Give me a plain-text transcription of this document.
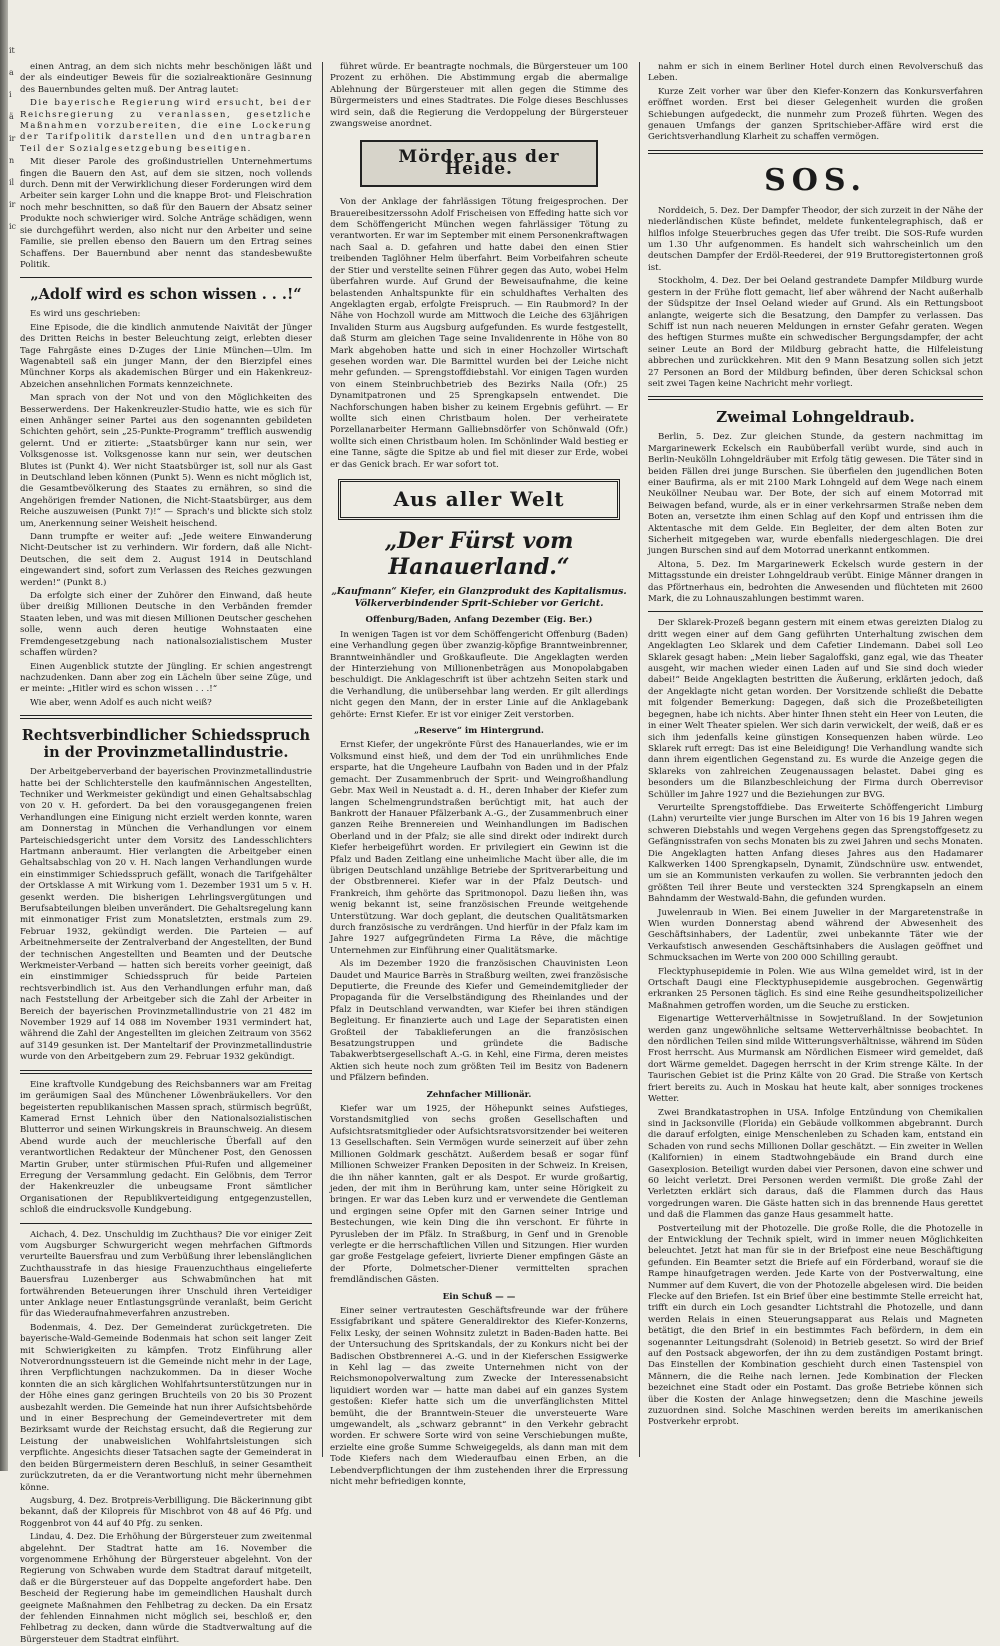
it a i ä ir n il ir ic

einen Antrag, an dem sich nichts mehr beschönigen läßt und der als eindeutiger Beweis für die sozialreaktionäre Gesinnung des Bauernbundes gelten muß. Der Antrag lautet:

Die bayerische Regierung wird ersucht, bei der Reichsregierung zu veranlassen, gesetzliche Maßnahmen vorzubereiten, die eine Lockerung der Tarifpolitik darstellen und den untragbaren Teil der Sozialgesetzgebung beseitigen.

Mit dieser Parole des großindustriellen Unternehmertums fingen die Bauern den Ast, auf dem sie sitzen, noch vollends durch. Denn mit der Verwirklichung dieser Forderungen wird dem Arbeiter sein karger Lohn und die knappe Brot- und Fleischration noch mehr beschnitten, so daß für den Bauern der Absatz seiner Produkte noch schwieriger wird. Solche Anträge schädigen, wenn sie durchgeführt werden, also nicht nur den Arbeiter und seine Familie, sie prellen ebenso den Bauern um den Ertrag seines Schaffens. Der Bauernbund aber nennt das standesbewußte Politik.

„Adolf wird es schon wissen . . .!“

Es wird uns geschrieben:

Eine Episode, die die kindlich anmutende Naivität der Jünger des Dritten Reichs in bester Beleuchtung zeigt, erlebten dieser Tage Fahrgäste eines D-Zuges der Linie München—Ulm. Im Wagenabteil saß ein junger Mann, der den Bierzipfel eines Münchner Korps als akademischen Bürger und ein Hakenkreuz-Abzeichen ansehnlichen Formats kennzeichnete.

Man sprach von der Not und von den Möglichkeiten des Besserwerdens. Der Hakenkreuzler-Studio hatte, wie es sich für einen Anhänger seiner Partei aus den sogenannten gebildeten Schichten gehört, sein „25-Punkte-Programm“ trefflich auswendig gelernt. Und er zitierte: „Staatsbürger kann nur sein, wer Volksgenosse ist. Volksgenosse kann nur sein, wer deutschen Blutes ist (Punkt 4). Wer nicht Staatsbürger ist, soll nur als Gast in Deutschland leben können (Punkt 5). Wenn es nicht möglich ist, die Gesamtbevölkerung des Staates zu ernähren, so sind die Angehörigen fremder Nationen, die Nicht-Staatsbürger, aus dem Reiche auszuweisen (Punkt 7)!“ — Sprach's und blickte sich stolz um, Anerkennung seiner Weisheit heischend.

Dann trumpfte er weiter auf: „Jede weitere Einwanderung Nicht-Deutscher ist zu verhindern. Wir fordern, daß alle Nicht-Deutschen, die seit dem 2. August 1914 in Deutschland eingewandert sind, sofort zum Verlassen des Reiches gezwungen werden!“ (Punkt 8.)

Da erfolgte sich einer der Zuhörer den Einwand, daß heute über dreißig Millionen Deutsche in den Verbänden fremder Staaten leben, und was mit diesen Millionen Deutscher geschehen solle, wenn auch deren heutige Wohnstaaten eine Fremdengesetzgebung nach nationalsozialistischem Muster schaffen würden?

Einen Augenblick stutzte der Jüngling. Er schien angestrengt nachzudenken. Dann aber zog ein Lächeln über seine Züge, und er meinte: „Hitler wird es schon wissen . . .!“

Wie aber, wenn Adolf es auch nicht weiß?

Rechtsverbindlicher Schiedsspruch in der Provinzmetallindustrie.

Der Arbeitgeberverband der bayerischen Provinzmetallindustrie hatte bei der Schlichterstelle den kaufmännischen Angestellten, Techniker und Werkmeister gekündigt und einen Gehaltsabschlag von 20 v. H. gefordert. Da bei den vorausgegangenen freien Verhandlungen eine Einigung nicht erzielt werden konnte, waren am Donnerstag in München die Verhandlungen vor einem Parteischiedsgericht unter dem Vorsitz des Landesschlichters Hartmann anberaumt. Hier verlangten die Arbeitgeber einen Gehaltsabschlag von 20 v. H. Nach langen Verhandlungen wurde ein einstimmiger Schiedsspruch gefällt, wonach die Tarifgehälter der Ortsklasse A mit Wirkung vom 1. Dezember 1931 um 5 v. H. gesenkt werden. Die bisherigen Lehrlingsvergütungen und Berufsabteilungen bleiben unverändert. Die Gehaltsregelung kann mit einmonatiger Frist zum Monatsletzten, erstmals zum 29. Februar 1932, gekündigt werden. Die Parteien — auf Arbeitnehmerseite der Zentralverband der Angestellten, der Bund der technischen Angestellten und Beamten und der Deutsche Werkmeister-Verband — hatten sich bereits vorher geeinigt, daß ein einstimmiger Schiedsspruch für beide Parteien rechtsverbindlich ist. Aus den Verhandlungen erfuhr man, daß nach Feststellung der Arbeitgeber sich die Zahl der Arbeiter in Bereich der bayerischen Provinzmetallindustrie von 21 482 im November 1929 auf 14 088 im November 1931 vermindert hat, während die Zahl der Angestellten im gleichen Zeitraum von 3562 auf 3149 gesunken ist. Der Manteltarif der Provinzmetallindustrie wurde von den Arbeitgebern zum 29. Februar 1932 gekündigt.

Eine kraftvolle Kundgebung des Reichsbanners war am Freitag im geräumigen Saal des Münchener Löwenbräukellers. Vor den begeisterten republikanischen Massen sprach, stürmisch begrüßt, Kamerad Ernst Lehnich über den Nationalsozialistischen Blutterror und seinen Wirkungskreis in Braunschweig. An diesem Abend wurde auch der meuchlerische Überfall auf den verantwortlichen Redakteur der Münchener Post, den Genossen Martin Gruber, unter stürmischen Pfui-Rufen und allgemeiner Erregung der Versammlung gedacht. Ein Gelöbnis, dem Terror der Hakenkreuzler die unbeugsame Front sämtlicher Organisationen der Republikverteidigung entgegenzustellen, schloß die eindrucksvolle Kundgebung.

Aichach, 4. Dez. Unschuldig im Zuchthaus? Die vor einiger Zeit vom Augsburger Schwurgericht wegen mehrfachen Giftmords verurteilte Bauersfrau und zum Verbüßung ihrer lebenslänglichen Zuchthausstrafe in das hiesige Frauenzuchthaus eingelieferte Bauersfrau Luzenberger aus Schwabmünchen hat mit fortwährenden Beteuerungen ihrer Unschuld ihren Verteidiger unter Anklage neuer Entlastungsgründe veranlaßt, beim Gericht für das Wiederaufnahmeverfahren anzustreben.

Bodenmais, 4. Dez. Der Gemeinderat zurückgetreten. Die bayerische-Wald-Gemeinde Bodenmais hat schon seit langer Zeit mit Schwierigkeiten zu kämpfen. Trotz Einführung aller Notverordnungssteuern ist die Gemeinde nicht mehr in der Lage, ihren Verpflichtungen nachzukommen. Da in dieser Woche konnten die an sich kärglichen Wohlfahrtsunterstützungen nur in der Höhe eines ganz geringen Bruchteils von 20 bis 30 Prozent ausbezahlt werden. Die Gemeinde hat nun ihrer Aufsichtsbehörde und in einer Besprechung der Gemeindevertreter mit dem Bezirksamt wurde der Reichstag ersucht, daß die Regierung zur Leistung der unabweislichen Wohlfahrtsleistungen sich verpflichte. Angesichts dieser Tatsachen sagte der Gemeinderat in den beiden Bürgermeistern deren Beschluß, in seiner Gesamtheit zurückzutreten, da er die Verantwortung nicht mehr übernehmen könne.

Augsburg, 4. Dez. Brotpreis-Verbilligung. Die Bäckerinnung gibt bekannt, daß der Kilopreis für Mischbrot von 48 auf 46 Pfg. und Roggenbrot von 44 auf 40 Pfg. zu senken.

Lindau, 4. Dez. Die Erhöhung der Bürgersteuer zum zweitenmal abgelehnt. Der Stadtrat hatte am 16. November die vorgenommene Erhöhung der Bürgersteuer abgelehnt. Von der Regierung von Schwaben wurde dem Stadtrat darauf mitgeteilt, daß er die Bürgersteuer auf das Doppelte angefordert habe. Den Bescheid der Regierung habe im gemeindlichen Haushalt durch geeignete Maßnahmen den Fehlbetrag zu decken. Da ein Ersatz der fehlenden Einnahmen nicht möglich sei, beschloß er, den Fehlbetrag zu decken, dann würde die Stadtverwaltung auf die Bürgersteuer dem Stadtrat einführt.

führet würde. Er beantragte nochmals, die Bürgersteuer um 100 Prozent zu erhöhen. Die Abstimmung ergab die abermalige Ablehnung der Bürgersteuer mit allen gegen die Stimme des Bürgermeisters und eines Stadtrates. Die Folge dieses Beschlusses wird sein, daß die Regierung die Verdoppelung der Bürgersteuer zwangsweise anordnet.

Mörder aus der Heide.

Von der Anklage der fahrlässigen Tötung freigesprochen. Der Brauereibesitzerssohn Adolf Frischeisen von Effeding hatte sich vor dem Schöffengericht München wegen fahrlässiger Tötung zu verantworten. Er war im September mit einem Personenkraftwagen nach Saal a. D. gefahren und hatte dabei den einen Stier treibenden Taglöhner Helm überfahrt. Beim Vorbeifahren scheute der Stier und verstellte seinen Führer gegen das Auto, wobei Helm überfahren wurde. Auf Grund der Beweisaufnahme, die keine belastenden Anhaltspunkte für ein schuldhaftes Verhalten des Angeklagten ergab, erfolgte Freispruch. — Ein Raubmord? In der Nähe von Hochzoll wurde am Mittwoch die Leiche des 63jährigen Invaliden Sturm aus Augsburg aufgefunden. Es wurde festgestellt, daß Sturm am gleichen Tage seine Invalidenrente in Höhe von 80 Mark abgehoben hatte und sich in einer Hochzoller Wirtschaft gesehen worden war. Die Barmittel wurden bei der Leiche nicht mehr gefunden. — Sprengstoffdiebstahl. Vor einigen Tagen wurden von einem Steinbruchbetrieb des Bezirks Naila (Ofr.) 25 Dynamitpatronen und 25 Sprengkapseln entwendet. Die Nachforschungen haben bisher zu keinem Ergebnis geführt. — Er wollte sich einen Christbaum holen. Der verheiratete Porzellanarbeiter Hermann Galliebnsdörfer von Schönwald (Ofr.) wollte sich einen Christbaum holen. Im Schönlinder Wald bestieg er eine Tanne, sägte die Spitze ab und fiel mit dieser zur Erde, wobei er das Genick brach. Er war sofort tot.

Aus aller Welt
„Der Fürst vom Hanauerland.“
„Kaufmann“ Kiefer, ein Glanzprodukt des Kapitalismus. Völkerverbindender Sprit-Schieber vor Gericht.
Offenburg/Baden, Anfang Dezember (Eig. Ber.)

In wenigen Tagen ist vor dem Schöffengericht Offenburg (Baden) eine Verhandlung gegen über zwanzig-köpfige Branntweinbrenner, Branntweinhändler und Großkaufleute. Die Angeklagten werden der Hinterziehung von Millionenbeträgen aus Monopolabgaben beschuldigt. Die Anklageschrift ist über achtzehn Seiten stark und die Verhandlung, die unübersehbar lang werden. Er gilt allerdings nicht gegen den Mann, der in erster Linie auf die Anklagebank gehörte: Ernst Kiefer. Er ist vor einiger Zeit verstorben.

„Reserve“ im Hintergrund.

Ernst Kiefer, der ungekrönte Fürst des Hanauerlandes, wie er im Volksmund einst hieß, und dem der Tod ein unrühmliches Ende ersparte, hat die Ungeheure Laufbahn von Baden und in der Pfalz gemacht. Der Zusammenbruch der Sprit- und Weingroßhandlung Gebr. Max Weil in Neustadt a. d. H., deren Inhaber der Kiefer zum langen Schelmengrundstraßen berüchtigt mit, hat auch der Bankrott der Hanauer Pfälzerbank A.-G., der Zusammenbruch einer ganzen Reihe Brennereien und Weinhandlungen im Badischen Oberland und in der Pfalz; sie alle sind direkt oder indirekt durch Kiefer herbeigeführt worden. Er privilegiert ein Gewinn ist die Pfalz und Baden Zeitlang eine unheimliche Macht über alle, die im übrigen Deutschland unzählige Betriebe der Spritverarbeitung und der Obstbrennerei. Kiefer war in der Pfalz Deutsch- und Frankreich, ihm gehörte das Spritmonopol. Dazu ließen ihn, was wenig bekannt ist, seine französischen Freunde weitgehende Unterstützung. War doch geplant, die deutschen Qualitätsmarken durch französische zu verdrängen. Und hierfür in der Pfalz kam im Jahre 1927 aufgegründeten Firma La Rêve, die mächtige Unternehmen zur Einführung einer Qualitätsmarke.

Als im Dezember 1920 die französischen Chauvinisten Leon Daudet und Maurice Barrès in Straßburg weilten, zwei französische Deputierte, die Freunde des Kiefer und Gemeindemitglieder der Propaganda für die Verselbständigung des Rheinlandes und der Pfalz in Deutschland verwandten, war Kiefer bei ihren ständigen Begleitung. Er finanzierte auch und Lage der Separatisten einen Großteil der Tabaklieferungen an die französischen Besatzungstruppen und gründete die Badische Tabakwerbtsergesellschaft A.-G. in Kehl, eine Firma, deren meistes Aktien sich heute noch zum größten Teil im Besitz von Badenern und Pfälzern befinden.

Zehnfacher Millionär.

Kiefer war um 1925, der Höhepunkt seines Aufstieges, Vorstandsmitglied von sechs großen Gesellschaften und Aufsichtsratsmitglieder oder Aufsichtsratsvorsitzender bei weiteren 13 Gesellschaften. Sein Vermögen wurde seinerzeit auf über zehn Millionen Goldmark geschätzt. Außerdem besaß er sogar fünf Millionen Schweizer Franken Depositen in der Schweiz. In Kreisen, die ihn näher kannten, galt er als Despot. Er wurde großartig, jeden, der mit ihm in Berührung kam, unter seine Hörigkeit zu bringen. Er war das Leben kurz und er verwendete die Gentleman und ergingen seine Opfer mit den Garnen seiner Intrige und Bestechungen, wie kein Ding die ihn verschont. Er führte in Pyrusleben der im Pfälz. In Straßburg, in Genf und in Grenoble verlegte er die herrschaftlichen Villen und Sitzungen. Hier wurden gar große Festgelage gefeiert, livrierte Diener empfingen Gäste an der Pforte, Dolmetscher-Diener vermittelten sprachen fremdländischen Gästen.

Ein Schuß — —

Einer seiner vertrautesten Geschäftsfreunde war der frühere Essigfabrikant und spätere Generaldirektor des Kiefer-Konzerns, Felix Lesky, der seinen Wohnsitz zuletzt in Baden-Baden hatte. Bei der Untersuchung des Spritskandals, der zu Konkurs nicht bei der Badischen Obstbrennerei A.-G. und in der Kieferschen Essigwerke in Kehl lag — das zweite Unternehmen nicht von der Reichsmonopolverwaltung zum Zwecke der Interessenabsicht liquidiert worden war — hatte man dabei auf ein ganzes System gestoßen: Kiefer hatte sich um die unverfänglichsten Mittel bemüht, die der Branntwein-Steuer die unversteuerte Ware umgewandelt, als „schwarz gebrannt“ in den Verkehr gebracht worden. Er schwere Sorte wird von seine Verschiebungen mußte, erzielte eine große Summe Schweigegelds, als dann man mit dem Tode Kiefers nach dem Wiederaufbau einen Erben, an die Lebendverpflichtungen der ihm zustehenden ihrer die Erpressung nicht mehr befriedigen konnte,

nahm er sich in einem Berliner Hotel durch einen Revolverschuß das Leben.

Kurze Zeit vorher war über den Kiefer-Konzern das Konkursverfahren eröffnet worden. Erst bei dieser Gelegenheit wurden die großen Schiebungen aufgedeckt, die nunmehr zum Prozeß führten. Wegen des genauen Umfangs der ganzen Spritschieber-Affäre wird erst die Gerichtsverhandlung Klarheit zu schaffen vermögen.

SOS.

Norddeich, 5. Dez. Der Dampfer Theodor, der sich zurzeit in der Nähe der niederländischen Küste befindet, meldete funkentelegraphisch, daß er hilflos infolge Steuerbruches gegen das Ufer treibt. Die SOS-Rufe wurden um 1.30 Uhr aufgenommen. Es handelt sich wahrscheinlich um den deutschen Dampfer der Erdöl-Reederei, der 919 Bruttoregistertonnen groß ist.

Stockholm, 4. Dez. Der bei Oeland gestrandete Dampfer Mildburg wurde gestern in der Frühe flott gemacht, lief aber während der Nacht außerhalb der Südspitze der Insel Oeland wieder auf Grund. Als ein Rettungsboot anlangte, weigerte sich die Besatzung, den Dampfer zu verlassen. Das Schiff ist nun nach neueren Meldungen in ernster Gefahr geraten. Wegen des heftigen Sturmes mußte ein schwedischer Bergungsdampfer, der acht seiner Leute an Bord der Mildburg gebracht hatte, die Hilfeleistung abbrechen und zurückkehren. Mit den 9 Mann Besatzung sollen sich jetzt 27 Personen an Bord der Mildburg befinden, über deren Schicksal schon seit zwei Tagen keine Nachricht mehr vorliegt.

Zweimal Lohngeldraub.

Berlin, 5. Dez. Zur gleichen Stunde, da gestern nachmittag im Margarinewerk Eckelsch ein Raubüberfall verübt wurde, sind auch in Berlin-Neukölln Lohngeldräuber mit Erfolg tätig gewesen. Die Täter sind in beiden Fällen drei junge Burschen. Sie überfielen den jugendlichen Boten einer Baufirma, als er mit 2100 Mark Lohngeld auf dem Wege nach einem Neuköllner Neubau war. Der Bote, der sich auf einem Motorrad mit Beiwagen befand, wurde, als er in einer verkehrsarmen Straße neben dem Boten an, versetzte ihm einen Schlag auf den Kopf und entrissen ihm die Aktentasche mit dem Gelde. Ein Begleiter, der dem alten Boten zur Sicherheit mitgegeben war, wurde ebenfalls niedergeschlagen. Die drei jungen Burschen sind auf dem Motorrad unerkannt entkommen.

Altona, 5. Dez. Im Margarinewerk Eckelsch wurde gestern in der Mittagsstunde ein dreister Lohngeldraub verübt. Einige Männer drangen in das Pförtnerhaus ein, bedrohten die Anwesenden und flüchteten mit 2600 Mark, die zu Lohnauszahlungen bestimmt waren.

Der Sklarek-Prozeß begann gestern mit einem etwas gereizten Dialog zu dritt wegen einer auf dem Gang geführten Unterhaltung zwischen dem Angeklagten Leo Sklarek und dem Cafetier Lindemann. Dabei soll Leo Sklarek gesagt haben: „Mein lieber Sagaloffski, ganz egal, wie das Theater ausgeht, wir machen wieder einen Laden auf und Sie sind doch wieder dabei!“ Beide Angeklagten bestritten die Äußerung, erklärten jedoch, daß der Angeklagte nicht getan worden. Der Vorsitzende schließt die Debatte mit folgender Bemerkung: Dagegen, daß sich die Prozeßbeteiligten begegnen, habe ich nichts. Aber hinter Ihnen steht ein Heer von Leuten, die in einer Welt Theater spielen. Wer sich darin verwickelt, der weiß, daß er es sich ihm jedenfalls keine günstigen Konsequenzen haben würde. Leo Sklarek ruft erregt: Das ist eine Beleidigung! Die Verhandlung wandte sich dann ihrem eigentlichen Gegenstand zu. Es wurde die Anzeige gegen die Sklareks von zahlreichen Zeugenaussagen belastet. Dabei ging es besonders um die Bilanzbeschleichung der Firma durch Oberrevisor Schüller im Jahre 1927 und die Beziehungen zur BVG.

Verurteilte Sprengstoffdiebe. Das Erweiterte Schöffengericht Limburg (Lahn) verurteilte vier junge Burschen im Alter von 16 bis 19 Jahren wegen schweren Diebstahls und wegen Vergehens gegen das Sprengstoffgesetz zu Gefängnisstrafen von sechs Monaten bis zu zwei Jahren und sechs Monaten. Die Angeklagten hatten Anfang dieses Jahres aus den Hadamarer Kalkwerken 1400 Sprengkapseln, Dynamit, Zündschnüre usw. entwendet, um sie an Kommunisten verkaufen zu wollen. Sie verbrannten jedoch den größten Teil ihrer Beute und versteckten 324 Sprengkapseln an einem Bahndamm der Westwald-Bahn, die gefunden wurden.

Juwelenraub in Wien. Bei einem Juwelier in der Margaretenstraße in Wien wurden Donnerstag abend während der Abwesenheit des Geschäftsinhabers, der Ladentür, zwei unbekannte Täter wie der Verkaufstisch anwesenden Geschäftsinhabers die Auslagen geöffnet und Schmucksachen im Werte von 200 000 Schilling geraubt.

Flecktyphusepidemie in Polen. Wie aus Wilna gemeldet wird, ist in der Ortschaft Daugi eine Flecktyphusepidemie ausgebrochen. Gegenwärtig erkranken 25 Personen täglich. Es sind eine Reihe gesundheitspolizeilicher Maßnahmen getroffen worden, um die Seuche zu ersticken.

Eigenartige Wetterverhältnisse in Sowjetrußland. In der Sowjetunion werden ganz ungewöhnliche seltsame Wetterverhältnisse beobachtet. In den nördlichen Teilen sind milde Witterungsverhältnisse, während im Süden Frost herrscht. Aus Murmansk am Nördlichen Eismeer wird gemeldet, daß dort Wärme gemeldet. Dagegen herrscht in der Krim strenge Kälte. In der Taurischen Gebiet ist die Prinz Kälte von 20 Grad. Die Straße von Kertsch friert bereits zu. Auch in Moskau hat heute kalt, aber sonniges trockenes Wetter.

Zwei Brandkatastrophen in USA. Infolge Entzündung von Chemikalien sind in Jacksonville (Florida) ein Gebäude vollkommen abgebrannt. Durch die darauf erfolgten, einige Menschenleben zu Schaden kam, entstand ein Schaden von rund sechs Millionen Dollar geschätzt. — Ein zweiter in Wellen (Kalifornien) in einem Stadtwohngebäude ein Brand durch eine Gasexplosion. Beteiligt wurden dabei vier Personen, davon eine schwer und 60 leicht verletzt. Drei Personen werden vermißt. Die große Zahl der Verletzten erklärt sich daraus, daß die Flammen durch das Haus vorgedrungen waren. Die Gäste hatten sich in das brennende Haus gerettet und daß die Flammen das ganze Haus gesammelt hatte.

Postverteilung mit der Photozelle. Die große Rolle, die die Photozelle in der Entwicklung der Technik spielt, wird in immer neuen Möglichkeiten beleuchtet. Jetzt hat man für sie in der Briefpost eine neue Beschäftigung gefunden. Ein Beamter setzt die Briefe auf ein Förderband, worauf sie die Rampe hinaufgetragen werden. Jede Karte von der Postverwaltung, eine Nummer auf dem Kuvert, die von der Photozelle abgelesen wird. Die beiden Flecke auf den Briefen. Ist ein Brief über eine bestimmte Stelle erreicht hat, trifft ein durch ein Loch gesandter Lichtstrahl die Photozelle, und dann werden Relais in einen Steuerungsapparat aus Relais und Magneten betätigt, die den Brief in ein bestimmtes Fach befördern, in dem ein sogenannter Leitungsdraht (Solenoid) in Betrieb gesetzt. So wird der Brief auf den Postsack abgeworfen, der ihn zu dem zuständigen Postamt bringt. Das Einstellen der Kombination geschieht durch einen Tastenspiel von Männern, die die Reihe nach lernen. Jede Kombination der Flecken bezeichnet eine Stadt oder ein Postamt. Das große Betriebe können sich über die Kosten der Anlage hinwegsetzen; denn die Maschine jeweils zuzuordnen sind. Solche Maschinen werden bereits im amerikanischen Postverkehr erprobt.
